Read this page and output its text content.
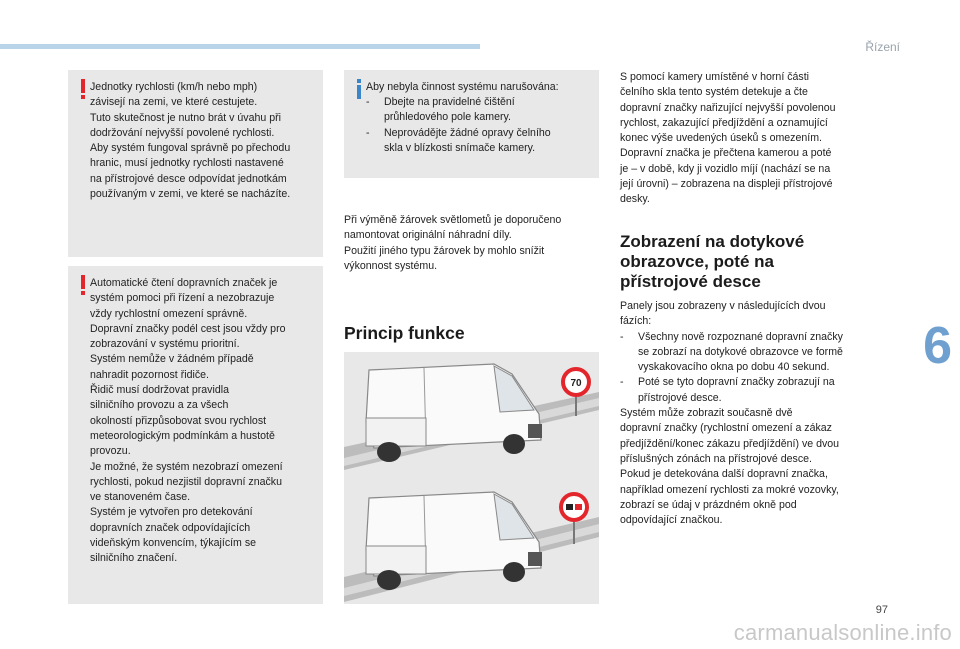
Řízení
6

Jednotky rychlosti (km/h nebo mph)
závisejí na zemi, ve které cestujete.
Tuto skutečnost je nutno brát v úvahu při
dodržování nejvyšší povolené rychlosti.
Aby systém fungoval správně po přechodu
hranic, musí jednotky rychlosti nastavené
na přístrojové desce odpovídat jednotkám
používaným v zemi, ve které se nacházíte.

Automatické čtení dopravních značek je
systém pomoci při řízení a nezobrazuje
vždy rychlostní omezení správně.
Dopravní značky podél cest jsou vždy pro
zobrazování v systému prioritní.
Systém nemůže v žádném případě
nahradit pozornost řidiče.
Řidič musí dodržovat pravidla
silničního provozu a za všech
okolností přizpůsobovat svou rychlost
meteorologickým podmínkám a hustotě
provozu.
Je možné, že systém nezobrazí omezení
rychlosti, pokud nezjistil dopravní značku
ve stanoveném čase.
Systém je vytvořen pro detekování
dopravních značek odpovídajících
videňským konvencím, týkajícím se
silničního značení.

Aby nebyla činnost systému narušována:

- Dbejte na pravidelné čištění
průhledového pole kamery.
- Neprovádějte žádné opravy čelního
skla v blízkosti snímače kamery.

Při výměně žárovek světlometů je doporučeno
namontovat originální náhradní díly.
Použití jiného typu žárovek by mohlo snížit
výkonnost systému.

Princip funkce
70

S pomocí kamery umístěné v horní části
čelního skla tento systém detekuje a čte
dopravní značky nařizující nejvyšší povolenou
rychlost, zakazující předjíždění a oznamující
konec výše uvedených úseků s omezením.
Dopravní značka je přečtena kamerou a poté
je – v době, kdy ji vozidlo míjí (nachází se na
její úrovni) – zobrazena na displeji přístrojové
desky.

Zobrazení na dotykové
obrazovce, poté na
přístrojové desce

Panely jsou zobrazeny v následujících dvou
fázích:

- Všechny nově rozpoznané dopravní značky
se zobrazí na dotykové obrazovce ve formě
vyskakovacího okna po dobu 40 sekund.
- Poté se tyto dopravní značky zobrazují na
přístrojové desce.

Systém může zobrazit současně dvě
dopravní značky (rychlostní omezení a zákaz
předjíždění/konec zákazu předjíždění) ve dvou
příslušných zónách na přístrojové desce.
Pokud je detekována další dopravní značka,
například omezení rychlosti za mokré vozovky,
zobrazí se údaj v prázdném okně pod
odpovídající značkou.

97
carmanualsonline.info
